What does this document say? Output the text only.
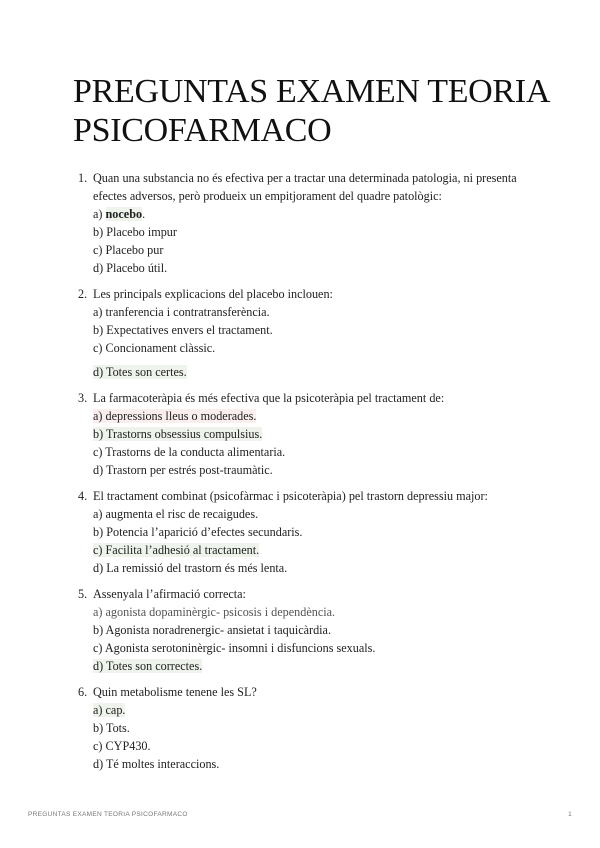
PREGUNTAS EXAMEN TEORIA
PSICOFARMACO
1. Quan una substancia no és efectiva per a tractar una determinada patologia, ni presenta efectes adversos, però produeix un empitjorament del quadre patològic:
a) nocebo.
b) Placebo impur
c) Placebo pur
d) Placebo útil.
2. Les principals explicacions del placebo inclouen:
a) tranferencia i contratransferència.
b) Expectatives envers el tractament.
c) Concionament clàssic.
d) Totes son certes.
3. La farmacoteràpia és més efectiva que la psicoteràpia pel tractament de:
a) depressions lleus o moderades.
b) Trastorns obsessius compulsius.
c) Trastorns de la conducta alimentaria.
d) Trastorn per estrés post-traumàtic.
4. El tractament combinat (psicofàrmac i psicoteràpia) pel trastorn depressiu major:
a) augmenta el risc de recaigudes.
b) Potencia l’aparició d’efectes secundaris.
c) Facilita l’adhesió al tractament.
d) La remissió del trastorn és més lenta.
5. Assenyala l’afirmació correcta:
a) agonista dopaminèrgic- psicosis i dependència.
b) Agonista noradrenergic- ansietat i taquicàrdia.
c) Agonista serotoninèrgic- insomni i disfuncions sexuals.
d) Totes son correctes.
6. Quin metabolisme tenene les SL?
a) cap.
b) Tots.
c) CYP430.
d) Té moltes interaccions.
PREGUNTAS EXAMEN TEORIA PSICOFARMACO	1
